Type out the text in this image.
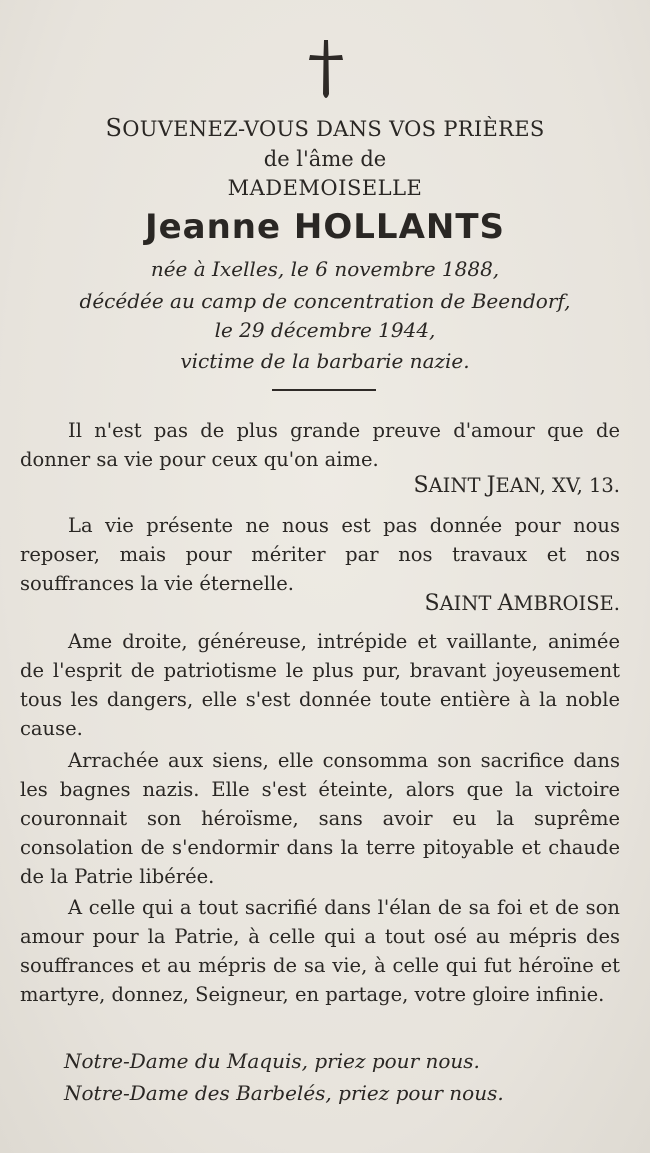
SOUVENEZ-VOUS DANS VOS PRIÈRES
de l'âme de
MADEMOISELLE
Jeanne HOLLANTS
née à Ixelles, le 6 novembre 1888,
décédée au camp de concentration de Beendorf,
le 29 décembre 1944,
victime de la barbarie nazie.
Il n'est pas de plus grande preuve d'amour que de donner sa vie pour ceux qu'on aime.
SAINT JEAN, XV, 13.
La vie présente ne nous est pas donnée pour nous reposer, mais pour mériter par nos travaux et nos souffrances la vie éternelle.
SAINT AMBROISE.
Ame droite, généreuse, intrépide et vaillante, animée de l'esprit de patriotisme le plus pur, bravant joyeusement tous les dangers, elle s'est donnée toute entière à la noble cause.
Arrachée aux siens, elle consomma son sacrifice dans les bagnes nazis. Elle s'est éteinte, alors que la victoire couronnait son héroïsme, sans avoir eu la suprême consolation de s'endormir dans la terre pitoyable et chaude de la Patrie libérée.
A celle qui a tout sacrifié dans l'élan de sa foi et de son amour pour la Patrie, à celle qui a tout osé au mépris des souffrances et au mépris de sa vie, à celle qui fut héroïne et martyre, donnez, Seigneur, en partage, votre gloire infinie.
Notre-Dame du Maquis, priez pour nous.
Notre-Dame des Barbelés, priez pour nous.
